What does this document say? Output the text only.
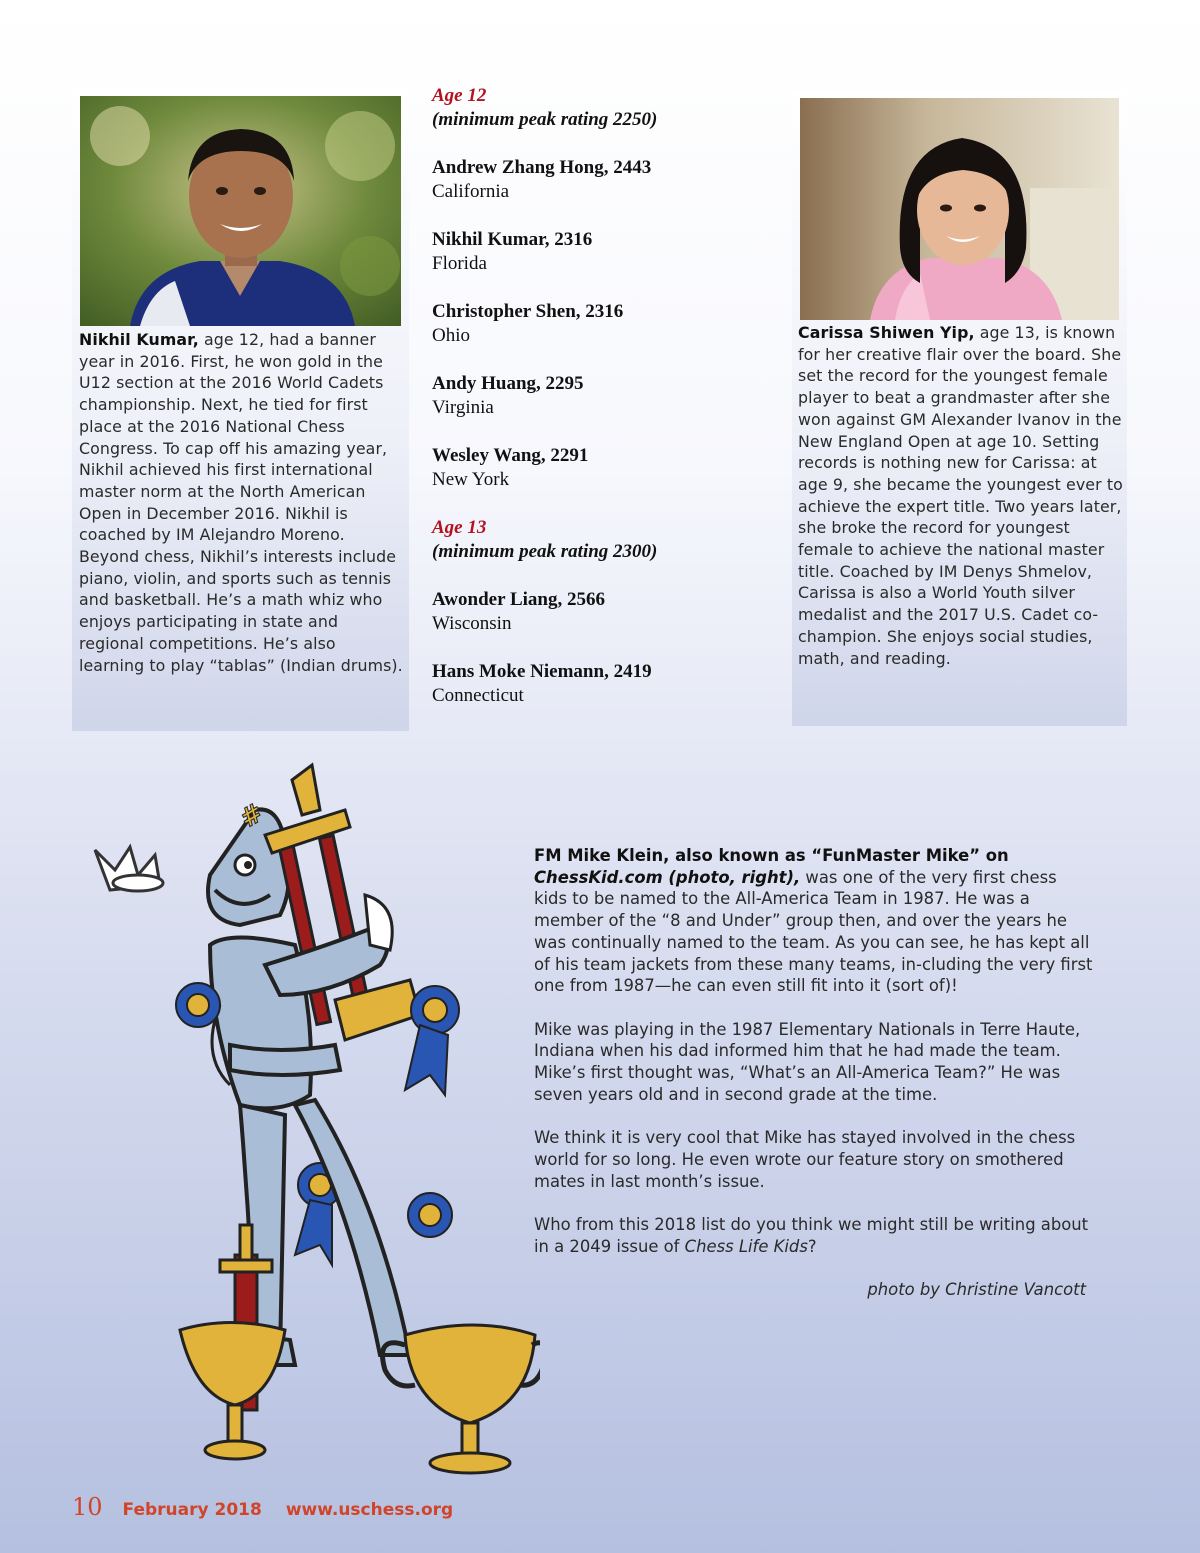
Nikhil Kumar, age 12, had a banner year in 2016. First, he won gold in the U12 section at the 2016 World Cadets championship. Next, he tied for first place at the 2016 National Chess Congress. To cap off his amazing year, Nikhil achieved his first international master norm at the North American Open in December 2016. Nikhil is coached by IM Alejandro Moreno. Beyond chess, Nikhil’s interests include piano, violin, and sports such as tennis and basketball. He’s a math whiz who enjoys participating in state and regional competitions. He’s also learning to play “tablas” (Indian drums).
Age 12
(minimum peak rating 2250)
Andrew Zhang Hong, 2443
California
Nikhil Kumar, 2316
Florida
Christopher Shen, 2316
Ohio
Andy Huang, 2295
Virginia
Wesley Wang, 2291
New York
Age 13
(minimum peak rating 2300)
Awonder Liang, 2566
Wisconsin
Hans Moke Niemann, 2419
Connecticut
Carissa Shiwen Yip, age 13, is known for her creative flair over the board. She set the record for the youngest female player to beat a grandmaster after she won against GM Alexander Ivanov in the New England Open at age 10. Setting records is nothing new for Carissa: at age 9, she became the youngest ever to achieve the expert title. Two years later, she broke the record for youngest female to achieve the national master title. Coached by IM Denys Shmelov, Carissa is also a World Youth silver medalist and the 2017 U.S. Cadet co-champion. She enjoys social studies, math, and reading.
#

FM Mike Klein, also known as “FunMaster Mike” on ChessKid.com (photo, right), was one of the very first chess kids to be named to the All-America Team in 1987. He was a member of the “8 and Under” group then, and over the years he was continually named to the team. As you can see, he has kept all of his team jackets from these many teams, in-cluding the very first one from 1987—he can even still fit into it (sort of)!

Mike was playing in the 1987 Elementary Nationals in Terre Haute, Indiana when his dad informed him that he had made the team. Mike’s first thought was, “What’s an All-America Team?” He was seven years old and in second grade at the time.

We think it is very cool that Mike has stayed involved in the chess world for so long. He even wrote our feature story on smothered mates in last month’s issue.

Who from this 2018 list do you think we might still be writing about in a 2049 issue of Chess Life Kids?

photo by Christine Vancott
10 February 2018 www.uschess.org
